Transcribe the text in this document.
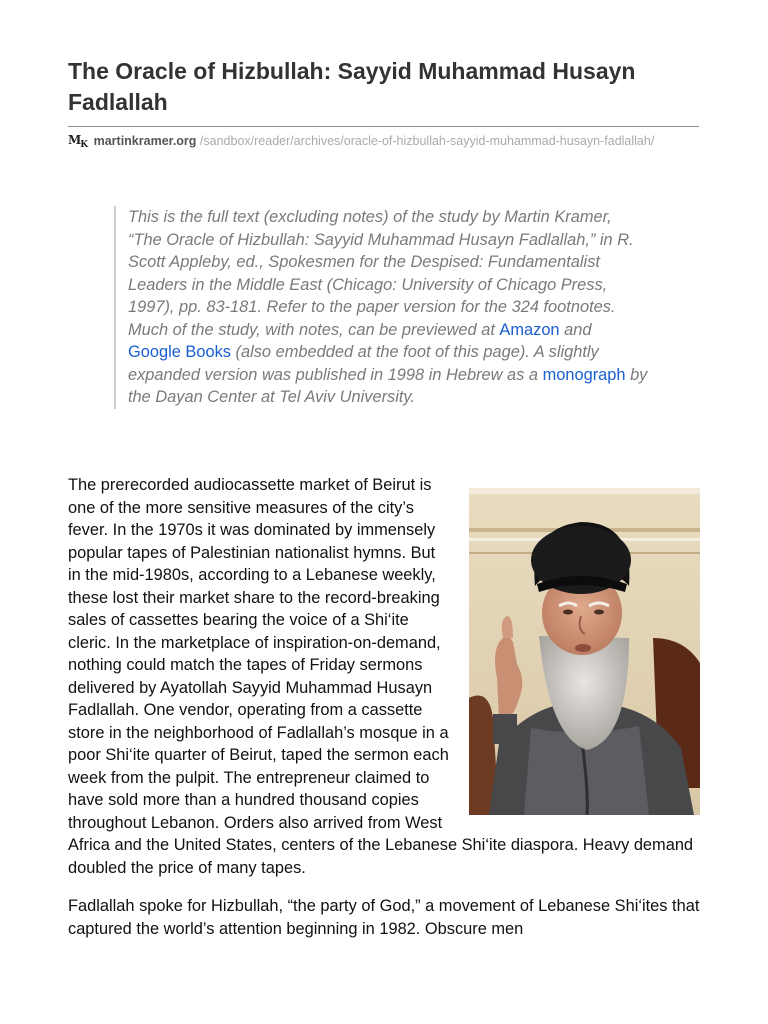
The Oracle of Hizbullah: Sayyid Muhammad Husayn Fadlallah
$M_K$ martinkramer.org /sandbox/reader/archives/oracle-of-hizbullah-sayyid-muhammad-husayn-fadlallah/
This is the full text (excluding notes) of the study by Martin Kramer, “The Oracle of Hizbullah: Sayyid Muhammad Husayn Fadlallah,” in R. Scott Appleby, ed., Spokesmen for the Despised: Fundamentalist Leaders in the Middle East (Chicago: University of Chicago Press, 1997), pp. 83-181. Refer to the paper version for the 324 footnotes. Much of the study, with notes, can be previewed at Amazon and Google Books (also embedded at the foot of this page). A slightly expanded version was published in 1998 in Hebrew as a monograph by the Dayan Center at Tel Aviv University.

The prerecorded audiocassette market of Beirut is one of the more sensitive measures of the city’s fever. In the 1970s it was dominated by immensely popular tapes of Palestinian nationalist hymns. But in the mid-1980s, according to a Lebanese weekly, these lost their market share to the record-breaking sales of cassettes bearing the voice of a Shi‘ite cleric. In the marketplace of inspiration-on-demand, nothing could match the tapes of Friday sermons delivered by Ayatollah Sayyid Muhammad Husayn Fadlallah. One vendor, operating from a cassette store in the neighborhood of Fadlallah’s mosque in a poor Shi‘ite quarter of Beirut, taped the sermon each week from the pulpit. The entrepreneur claimed to have sold more than a hundred thousand copies throughout Lebanon. Orders also arrived from West Africa and the United States, centers of the Lebanese Shi‘ite diaspora. Heavy demand doubled the price of many tapes.

Fadlallah spoke for Hizbullah, “the party of God,” a movement of Lebanese Shi‘ites that captured the world’s attention beginning in 1982. Obscure men
